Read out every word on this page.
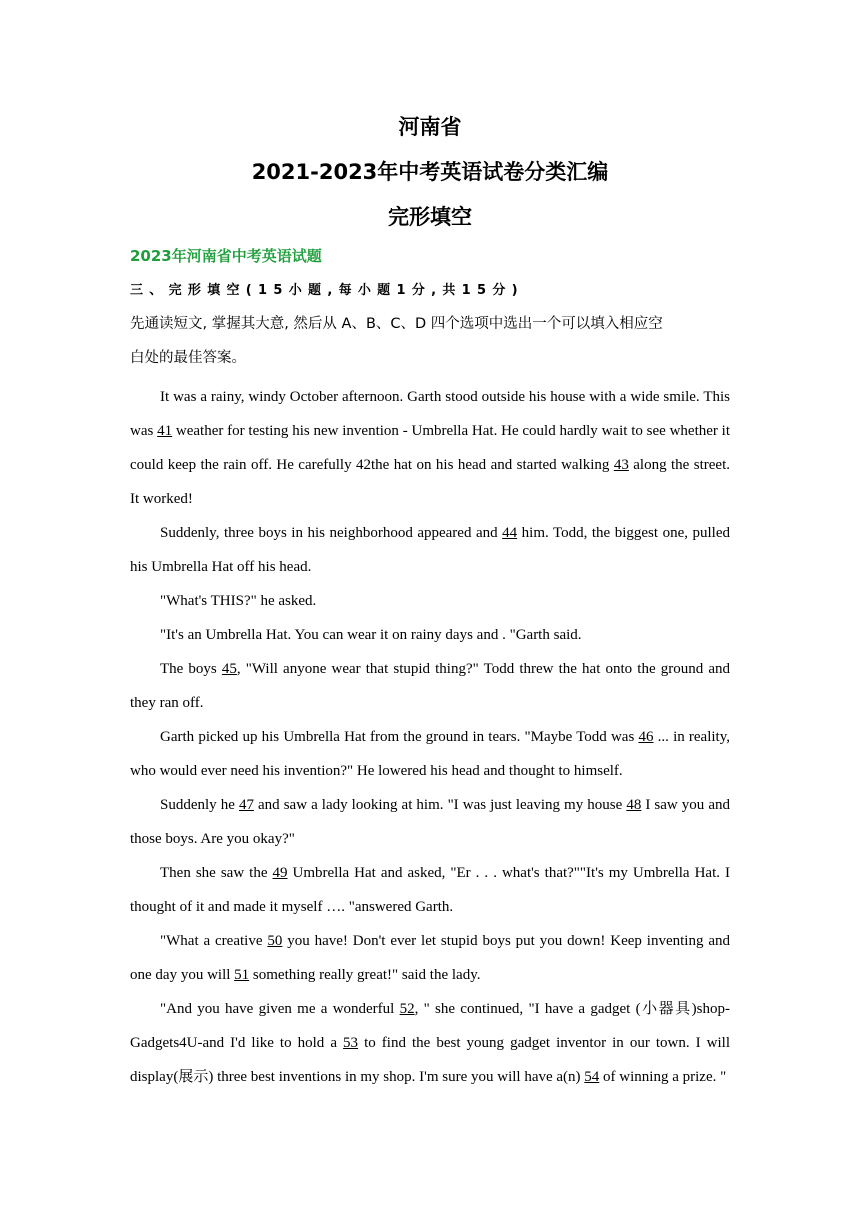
河南省
2021-2023年中考英语试卷分类汇编
完形填空
2023年河南省中考英语试题
三、完形填空(15小题,每小题1分,共15分)
先通读短文, 掌握其大意, 然后从 A、B、C、D 四个选项中选出一个可以填入相应空
白处的最佳答案。

It was a rainy, windy October afternoon. Garth stood outside his house with a wide smile. This was 41 weather for testing his new invention - Umbrella Hat. He could hardly wait to see whether it could keep the rain off. He carefully 42the hat on his head and started walking 43 along the street. It worked!

Suddenly, three boys in his neighborhood appeared and 44 him. Todd, the biggest one, pulled his Umbrella Hat off his head.

"What's THIS?" he asked.

"It's an Umbrella Hat. You can wear it on rainy days and . "Garth said.

The boys 45, "Will anyone wear that stupid thing?" Todd threw the hat onto the ground and they ran off.

Garth picked up his Umbrella Hat from the ground in tears. "Maybe Todd was 46 ... in reality, who would ever need his invention?" He lowered his head and thought to himself.

Suddenly he 47 and saw a lady looking at him. "I was just leaving my house 48 I saw you and those boys. Are you okay?"

Then she saw the 49 Umbrella Hat and asked, "Er . . . what's that?""It's my Umbrella Hat. I thought of it and made it myself …. "answered Garth.

"What a creative 50 you have! Don't ever let stupid boys put you down! Keep inventing and one day you will 51 something really great!" said the lady.

"And you have given me a wonderful 52, " she continued, "I have a gadget (小器具)shop-Gadgets4U-and I'd like to hold a 53 to find the best young gadget inventor in our town. I will display(展示) three best inventions in my shop. I'm sure you will have a(n) 54 of winning a prize. "
